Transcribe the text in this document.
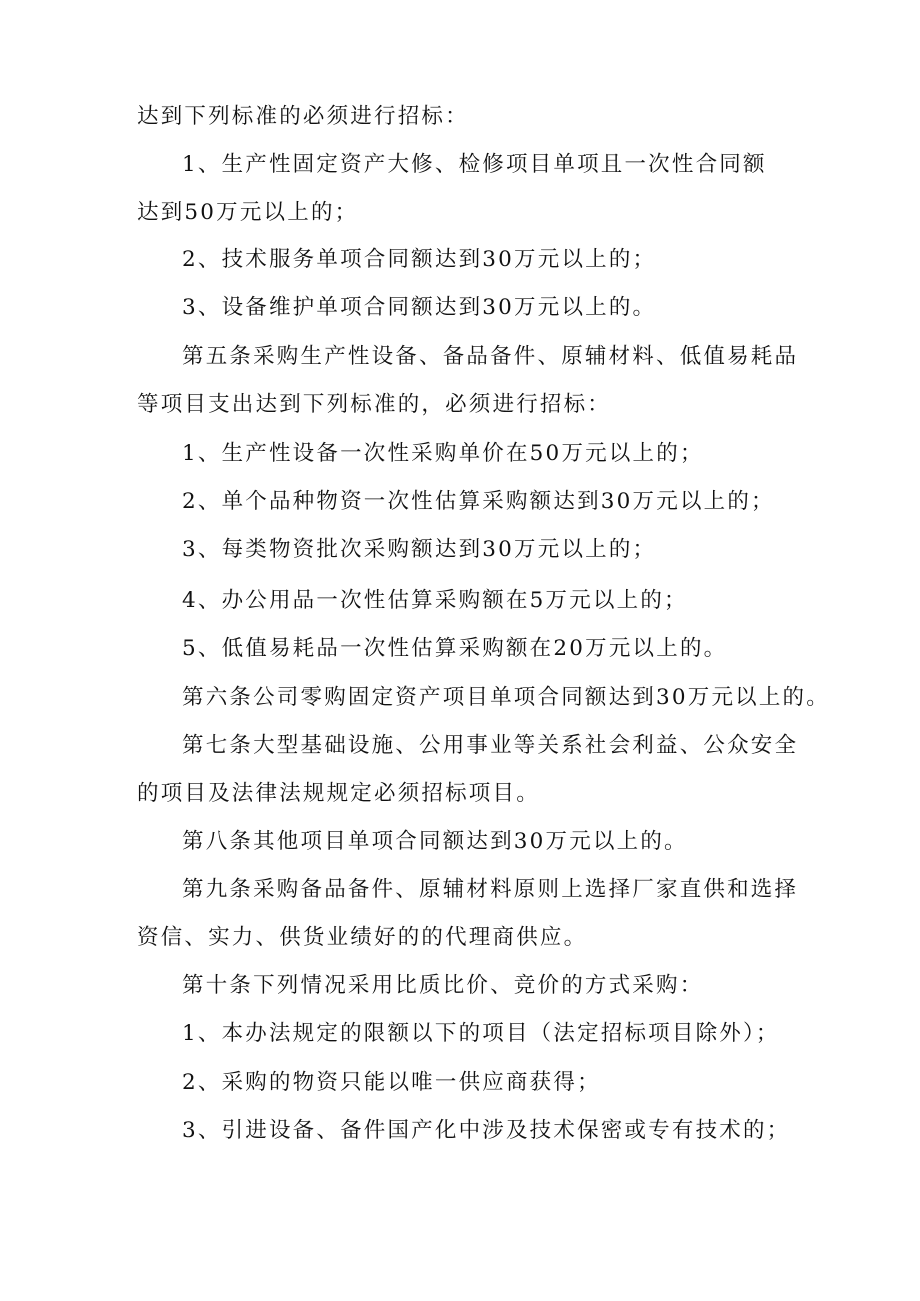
达到下列标准的必须进行招标：
1、生产性固定资产大修、检修项目单项且一次性合同额
达到50万元以上的；
2、技术服务单项合同额达到30万元以上的；
3、设备维护单项合同额达到30万元以上的。
第五条采购生产性设备、备品备件、原辅材料、低值易耗品
等项目支出达到下列标准的，必须进行招标：
1、生产性设备一次性采购单价在50万元以上的；
2、单个品种物资一次性估算采购额达到30万元以上的；
3、每类物资批次采购额达到30万元以上的；
4、办公用品一次性估算采购额在5万元以上的；
5、低值易耗品一次性估算采购额在20万元以上的。
第六条公司零购固定资产项目单项合同额达到30万元以上的。
第七条大型基础设施、公用事业等关系社会利益、公众安全
的项目及法律法规规定必须招标项目。
第八条其他项目单项合同额达到30万元以上的。
第九条采购备品备件、原辅材料原则上选择厂家直供和选择
资信、实力、供货业绩好的的代理商供应。
第十条下列情况采用比质比价、竞价的方式采购：
1、本办法规定的限额以下的项目（法定招标项目除外）；
2、采购的物资只能以唯一供应商获得；
3、引进设备、备件国产化中涉及技术保密或专有技术的；
